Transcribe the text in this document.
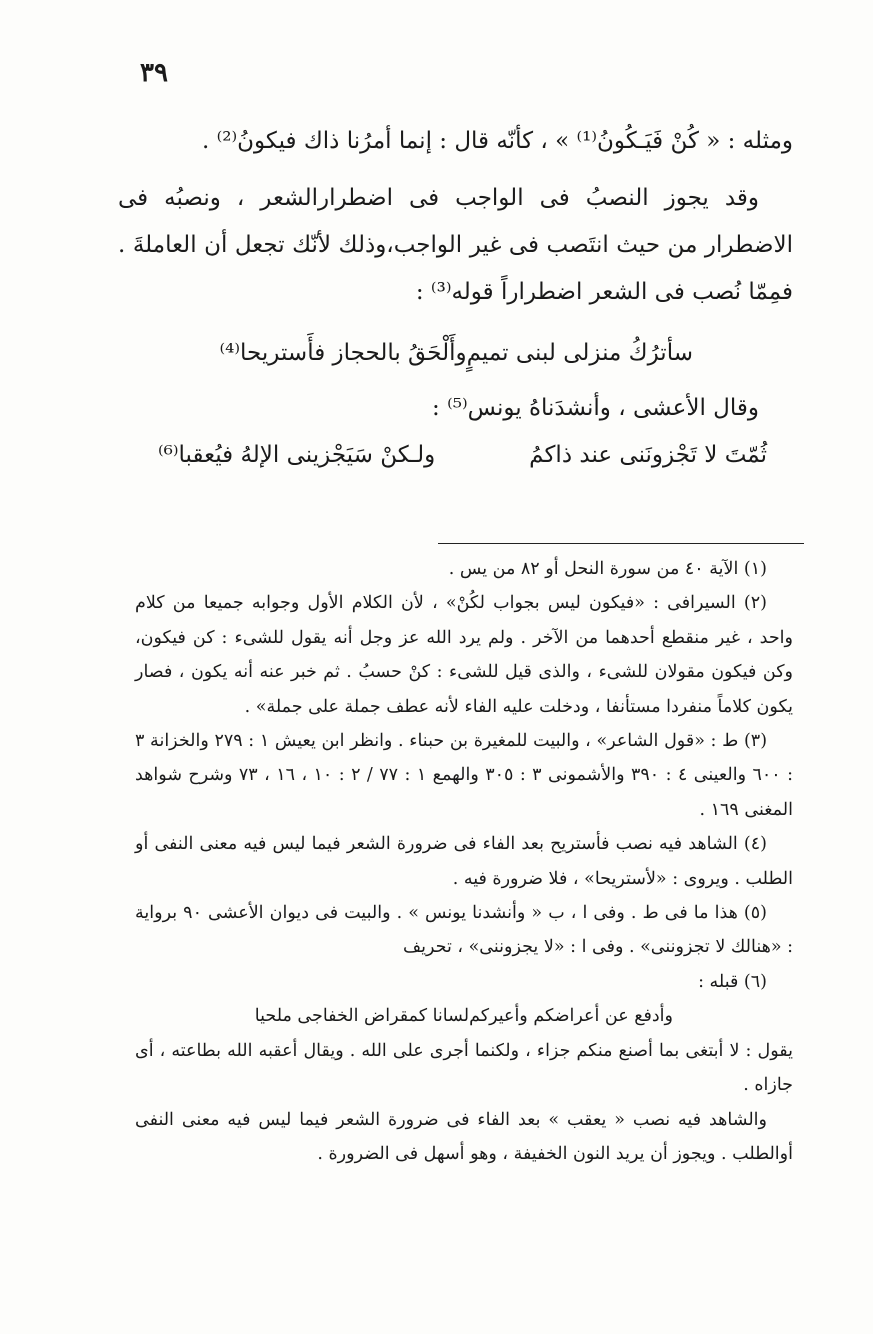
٣٩

ومثله : « كُنْ فَيَـكُونُ⁽¹⁾ » ، كأنّه قال : إنما أمرُنا ذاك فيكونُ⁽²⁾ .

وقد يجوز النصبُ فى الواجب فى اضطرارالشعر ، ونصبُه فى الاضطرار من حيث انتَصب فى غير الواجب،وذلك لأنّك تجعل أن العاملةَ . فمِمّا نُصب فى الشعر اضطراراً قوله⁽³⁾ :

سأترُكُ منزلى لبنى تميمٍ
وأَلْحَقُ بالحجاز فأَستريحا⁽⁴⁾

وقال الأعشى ، وأنشدَناهُ يونس⁽⁵⁾ :

ثُمّتَ لا تَجْزونَنى عند ذاكمُ
ولـكنْ سَيَجْزينى الإلهُ فيُعقبا⁽⁶⁾

(١) الآية ٤٠ من سورة النحل أو ٨٢ من يس .

(٢) السيرافى : «فيكون ليس بجواب لكُنْ» ، لأن الكلام الأول وجوابه جميعا من كلام واحد ، غير منقطع أحدهما من الآخر . ولم يرد الله عز وجل أنه يقول للشىء : كن فيكون، وكن فيكون مقولان للشىء ، والذى قيل للشىء : كنْ حسبُ . ثم خبر عنه أنه يكون ، فصار يكون كلاماً منفردا مستأنفا ، ودخلت عليه الفاء لأنه عطف جملة على جملة» .

(٣) ط : «قول الشاعر» ، والبيت للمغيرة بن حبناء . وانظر ابن يعيش ١ : ٢٧٩ والخزانة ٣ : ٦٠٠ والعينى ٤ : ٣٩٠ والأشمونى ٣ : ٣٠٥ والهمع ١ : ٧٧ / ٢ : ١٠ ، ١٦ ، ٧٣ وشرح شواهد المغنى ١٦٩ .

(٤) الشاهد فيه نصب فأستريح بعد الفاء فى ضرورة الشعر فيما ليس فيه معنى النفى أو الطلب . ويروى : «لأستريحا» ، فلا ضرورة فيه .

(٥) هذا ما فى ط . وفى ا ، ب « وأنشدنا يونس » . والبيت فى ديوان الأعشى ٩٠ برواية : «هنالك لا تجزوننى» . وفى ا : «لا يجزوننى» ، تحريف

(٦) قبله :

وأدفع عن أعراضكم وأعيركم
لسانا كمقراض الخفاجى ملحيا

يقول : لا أبتغى بما أصنع منكم جزاء ، ولكنما أجرى على الله . ويقال أعقبه الله بطاعته ، أى جازاه .

والشاهد فيه نصب « يعقب » بعد الفاء فى ضرورة الشعر فيما ليس فيه معنى النفى أوالطلب . ويجوز أن يريد النون الخفيفة ، وهو أسهل فى الضرورة .
